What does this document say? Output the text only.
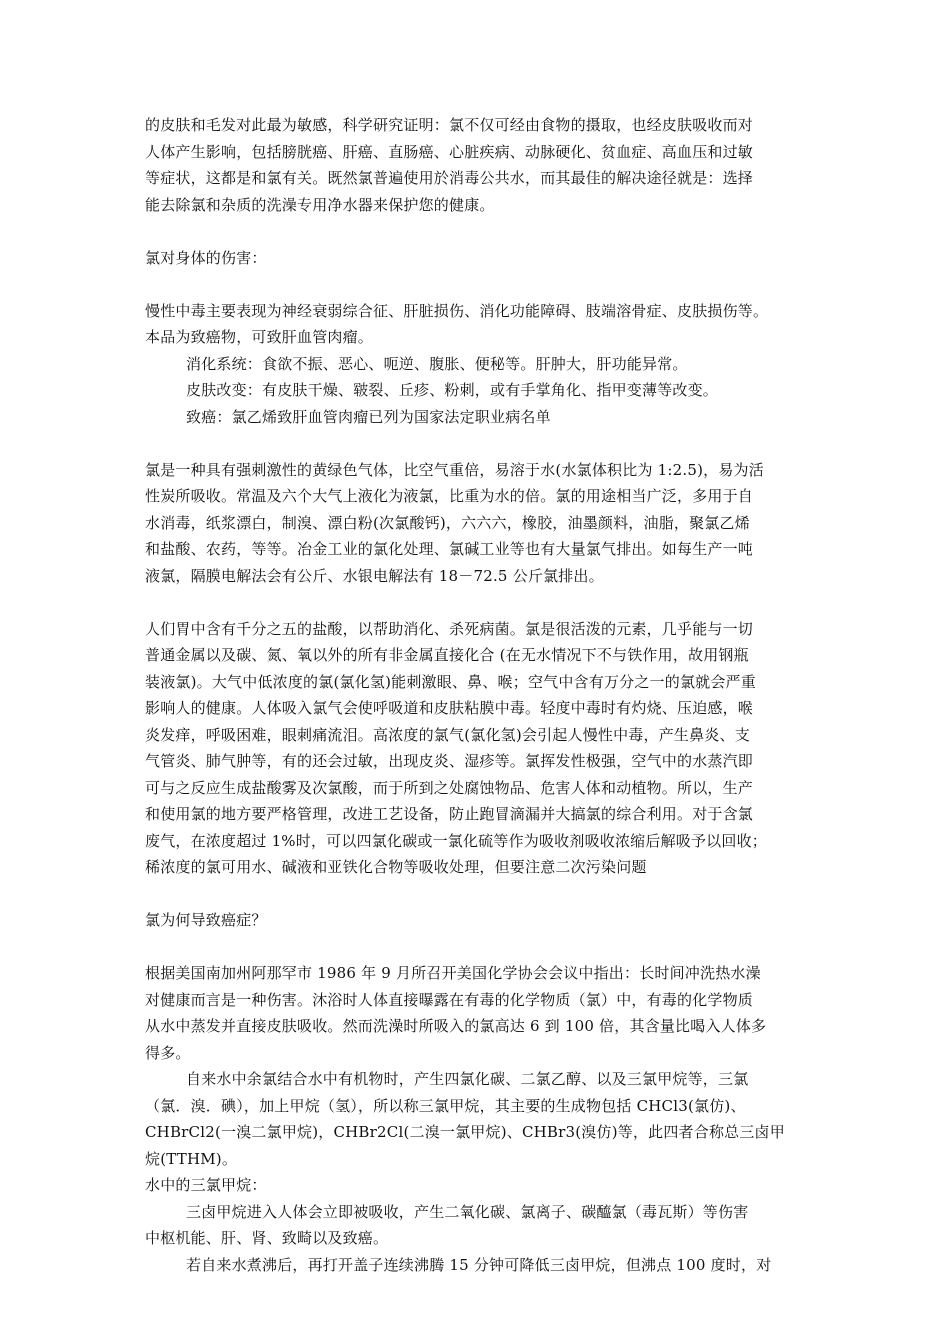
的皮肤和毛发对此最为敏感，科学研究证明：氯不仅可经由食物的摄取，也经皮肤吸收而对
人体产生影响，包括膀胱癌、肝癌、直肠癌、心脏疾病、动脉硬化、贫血症、高血压和过敏
等症状，这都是和氯有关。既然氯普遍使用於消毒公共水，而其最佳的解决途径就是：选择
能去除氯和杂质的洗澡专用净水器来保护您的健康。
氯对身体的伤害：
慢性中毒主要表现为神经衰弱综合征、肝脏损伤、消化功能障碍、肢端溶骨症、皮肤损伤等。
本品为致癌物，可致肝血管肉瘤。
消化系统：食欲不振、恶心、呃逆、腹胀、便秘等。肝肿大，肝功能异常。
皮肤改变：有皮肤干燥、皲裂、丘疹、粉刺，或有手掌角化、指甲变薄等改变。
致癌：氯乙烯致肝血管肉瘤已列为国家法定职业病名单
氯是一种具有强刺激性的黄绿色气体，比空气重倍，易溶于水(水氯体积比为 1:2.5)，易为活
性炭所吸收。常温及六个大气上液化为液氯，比重为水的倍。氯的用途相当广泛，多用于自
水消毒，纸浆漂白，制溴、漂白粉(次氯酸钙)，六六六，橡胶，油墨颜料，油脂，聚氯乙烯
和盐酸、农药，等等。冶金工业的氯化处理、氯碱工业等也有大量氯气排出。如每生产一吨
液氯，隔膜电解法会有公斤、水银电解法有 18－72.5 公斤氯排出。
人们胃中含有千分之五的盐酸，以帮助消化、杀死病菌。氯是很活泼的元素，几乎能与一切
普通金属以及碳、氮、氧以外的所有非金属直接化合 (在无水情况下不与铁作用，故用钢瓶
装液氯)。大气中低浓度的氯(氯化氢)能刺激眼、鼻、喉；空气中含有万分之一的氯就会严重
影响人的健康。人体吸入氯气会使呼吸道和皮肤粘膜中毒。轻度中毒时有灼烧、压迫感，喉
炎发痒，呼吸困难，眼刺痛流泪。高浓度的氯气(氯化氢)会引起人慢性中毒，产生鼻炎、支
气管炎、肺气肿等，有的还会过敏，出现皮炎、湿疹等。氯挥发性极强，空气中的水蒸汽即
可与之反应生成盐酸雾及次氯酸，而于所到之处腐蚀物品、危害人体和动植物。所以，生产
和使用氯的地方要严格管理，改进工艺设备，防止跑冒滴漏并大搞氯的综合利用。对于含氯
废气，在浓度超过 1%时，可以四氯化碳或一氯化硫等作为吸收剂吸收浓缩后解吸予以回收；
稀浓度的氯可用水、碱液和亚铁化合物等吸收处理，但要注意二次污染问题
氯为何导致癌症？
根据美国南加州阿那罕市 1986 年 9 月所召开美国化学协会会议中指出：长时间冲洗热水澡
对健康而言是一种伤害。沐浴时人体直接曝露在有毒的化学物质（氯）中，有毒的化学物质
从水中蒸发并直接皮肤吸收。然而洗澡时所吸入的氯高达 6 到 100 倍，其含量比喝入人体多
得多。
自来水中余氯结合水中有机物时，产生四氯化碳、二氯乙醇、以及三氯甲烷等，三氯
（氯．溴．碘），加上甲烷（氢），所以称三氯甲烷，其主要的生成物包括 CHCl3(氯仿)、
CHBrCl2(一溴二氯甲烷)，CHBr2Cl(二溴一氯甲烷)、CHBr3(溴仿)等，此四者合称总三卤甲
烷(TTHM)。
水中的三氯甲烷：
三卤甲烷进入人体会立即被吸收，产生二氧化碳、氯离子、碳醯氯（毒瓦斯）等伤害
中枢机能、肝、肾、致畸以及致癌。
若自来水煮沸后，再打开盖子连续沸腾 15 分钟可降低三卤甲烷，但沸点 100 度时，对
